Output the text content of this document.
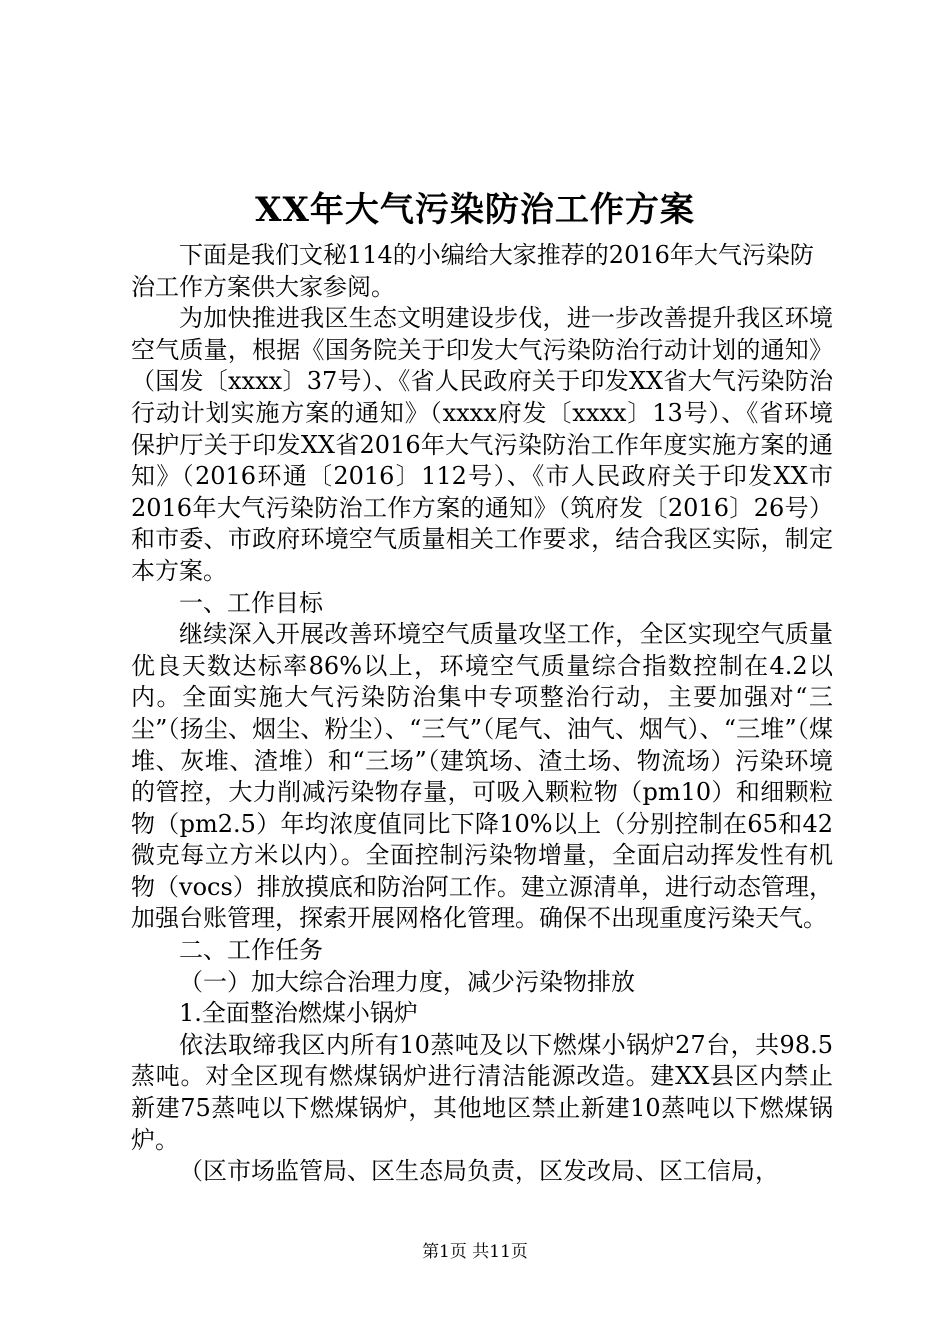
XX年大气污染防治工作方案

下面是我们文秘114的小编给大家推荐的2016年大气污染防治工作方案供大家参阅。

为加快推进我区生态文明建设步伐，进一步改善提升我区环境空气质量，根据《国务院关于印发大气污染防治行动计划的通知》（国发〔xxxx〕37号）、《省人民政府关于印发XX省大气污染防治行动计划实施方案的通知》（xxxx府发〔xxxx〕13号）、《省环境保护厅关于印发XX省2016年大气污染防治工作年度实施方案的通知》（2016环通〔2016〕112号）、《市人民政府关于印发XX市2016年大气污染防治工作方案的通知》（筑府发〔2016〕26号）和市委、市政府环境空气质量相关工作要求，结合我区实际，制定本方案。

一、工作目标

继续深入开展改善环境空气质量攻坚工作，全区实现空气质量优良天数达标率86%以上，环境空气质量综合指数控制在4.2以内。全面实施大气污染防治集中专项整治行动，主要加强对“三尘”（扬尘、烟尘、粉尘）、“三气”（尾气、油气、烟气）、“三堆”（煤堆、灰堆、渣堆）和“三场”（建筑场、渣土场、物流场）污染环境的管控，大力削减污染物存量，可吸入颗粒物（pm10）和细颗粒物（pm2.5）年均浓度值同比下降10%以上（分别控制在65和42微克每立方米以内）。全面控制污染物增量，全面启动挥发性有机物（vocs）排放摸底和防治阿工作。建立源清单，进行动态管理，加强台账管理，探索开展网格化管理。确保不出现重度污染天气。

二、工作任务

（一）加大综合治理力度，减少污染物排放

1.全面整治燃煤小锅炉

依法取缔我区内所有10蒸吨及以下燃煤小锅炉27台，共98.5蒸吨。对全区现有燃煤锅炉进行清洁能源改造。建XX县区内禁止新建75蒸吨以下燃煤锅炉，其他地区禁止新建10蒸吨以下燃煤锅炉。

（区市场监管局、区生态局负责，区发改局、区工信局，

第1页 共11页
